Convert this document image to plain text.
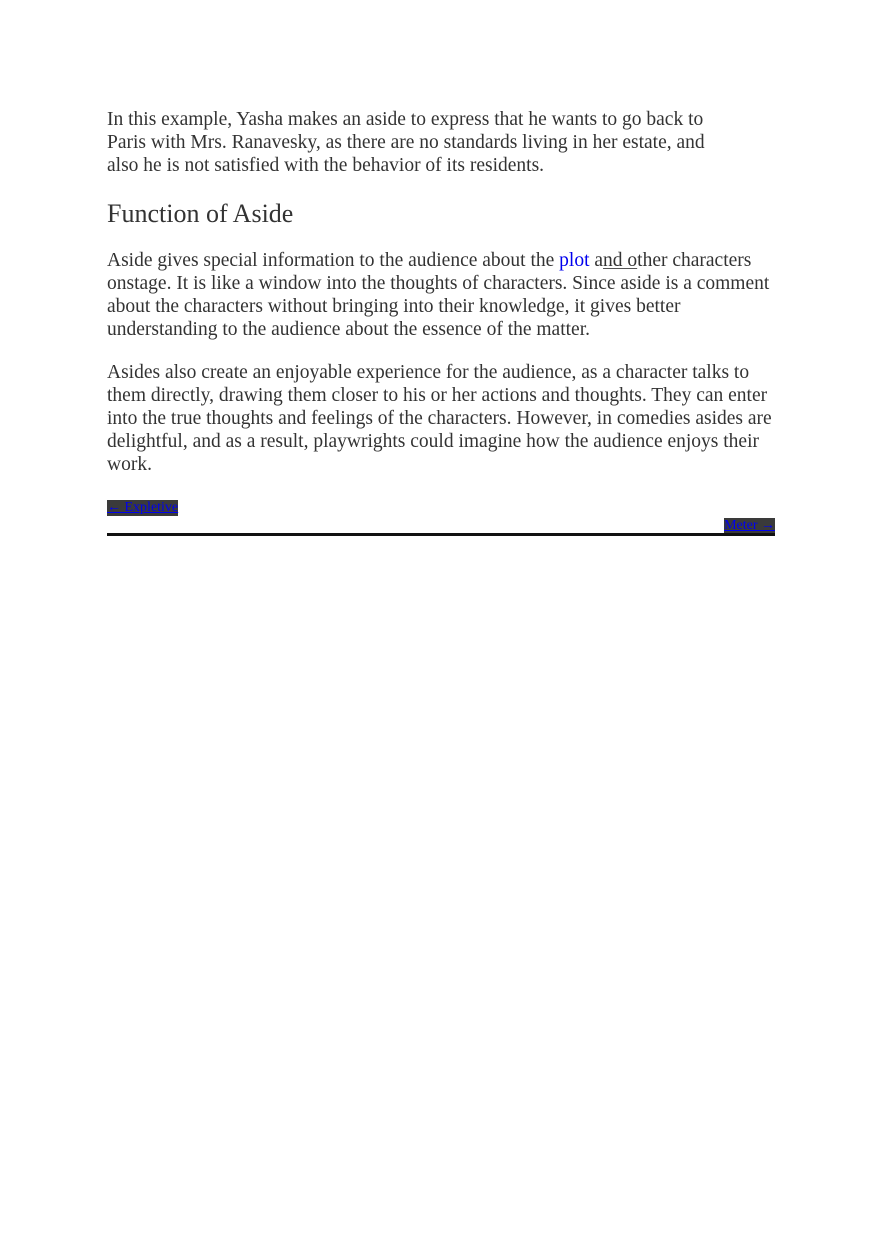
In this example, Yasha makes an aside to express that he wants to go back to Paris with Mrs. Ranavesky, as there are no standards living in her estate, and also he is not satisfied with the behavior of its residents.

Function of Aside

Aside gives special information to the audience about the plot and other characters onstage. It is like a window into the thoughts of characters. Since aside is a comment about the characters without bringing into their knowledge, it gives better understanding to the audience about the essence of the matter.

Asides also create an enjoyable experience for the audience, as a character talks to them directly, drawing them closer to his or her actions and thoughts. They can enter into the true thoughts and feelings of the characters. However, in comedies asides are delightful, and as a result, playwrights could imagine how the audience enjoys their work.

← Expletive
Meter →
